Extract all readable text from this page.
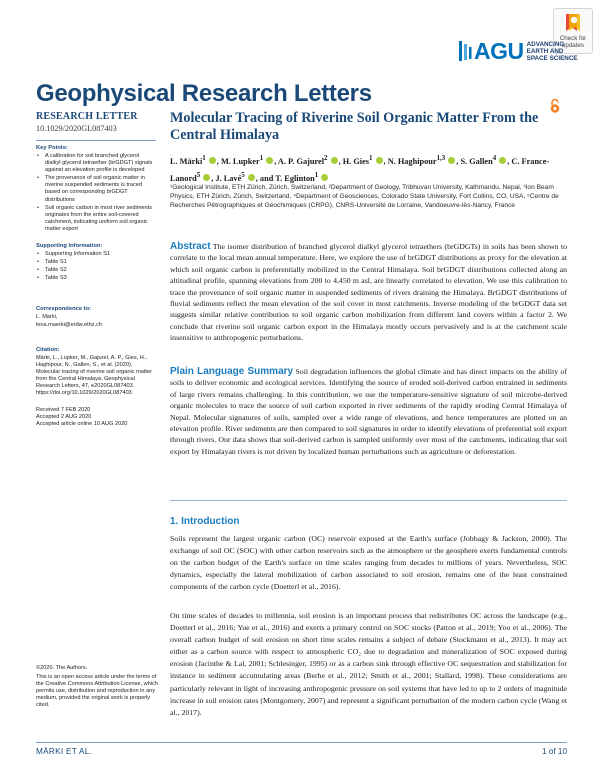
Check for
updates
AGU ADVANCING
EARTH AND
SPACE SCIENCE
Geophysical Research Letters
RESEARCH LETTER
10.1029/2020GL087403
Key Points:
• A calibration for soil branched glycerol dialkyl glycerol tetraether (brGDGT) signals against an elevation profile is developed
• The provenance of soil organic matter in riverine suspended sediments is traced based on corresponding brGDGT distributions
• Soil organic carbon in most river sediments originates from the entire soil-covered catchment, indicating uniform soil organic matter export
Supporting Information:
• Supporting Information S1
• Table S1
• Table S2
• Table S3
Correspondence to:
L. Märki,
lena.maerki@erdw.ethz.ch
Citation:
Märki, L., Lupker, M., Gajurel, A. P., Gies, H., Haghipour, N., Gallen, S., et al. (2020). Molecular tracing of riverine soil organic matter from the Central Himalaya. Geophysical Research Letters, 47, e2020GL087403. https://doi.org/10.1029/2020GL087403
Received 7 FEB 2020
Accepted 2 AUG 2020
Accepted article online 10 AUG 2020
Molecular Tracing of Riverine Soil Organic Matter From the Central Himalaya
L. Märki$^1$ , M. Lupker$^1$ , A. P. Gajurel$^2$ , H. Gies$^1$ , N. Haghipour$^{1,3}$ , S. Gallen$^4$ , C. France-Lanord$^5$ , J. Lavé$^5$ , and T. Eglinton$^1$
¹Geological Institute, ETH Zürich, Zürich, Switzerland, ²Department of Geology, Tribhuvan University, Kathmandu, Nepal, ³Ion Beam Physics, ETH Zürich, Zürich, Switzerland, ⁴Department of Geosciences, Colorado State University, Fort Collins, CO, USA, ⁵Centre de Recherches Pétrographiques et Géochimiques (CRPG), CNRS-Université de Lorraine, Vandoeuvre-lès-Nancy, France
Abstract The isomer distribution of branched glycerol dialkyl glycerol tetraethers (brGDGTs) in soils has been shown to correlate to the local mean annual temperature. Here, we explore the use of brGDGT distributions as proxy for the elevation at which soil organic carbon is preferentially mobilized in the Central Himalaya. Soil brGDGT distributions collected along an altitudinal profile, spanning elevations from 200 to 4,450 m asl, are linearly correlated to elevation. We use this calibration to trace the provenance of soil organic matter in suspended sediments of rivers draining the Himalaya. BrGDGT distributions of fluvial sediments reflect the mean elevation of the soil cover in most catchments. Inverse modeling of the brGDGT data set suggests similar relative contribution to soil organic carbon mobilization from different land covers within a factor 2. We conclude that riverine soil organic carbon export in the Himalaya mostly occurs pervasively and is at the catchment scale insensitive to anthropogenic perturbations.
Plain Language Summary Soil degradation influences the global climate and has direct impacts on the ability of soils to deliver economic and ecological services. Identifying the source of eroded soil-derived carbon entrained in sediments of large rivers remains challenging. In this contribution, we use the temperature-sensitive signature of soil microbe-derived organic molecules to trace the source of soil carbon exported in river sediments of the rapidly eroding Central Himalaya of Nepal. Molecular signatures of soils, sampled over a wide range of elevations, and hence temperatures are plotted on an elevation profile. River sediments are then compared to soil signatures in order to identify elevations of preferential soil export through rivers. Our data shows that soil-derived carbon is sampled uniformly over most of the catchments, indicating that soil export by Himalayan rivers is not driven by localized human perturbations such as agriculture or deforestation.
1. Introduction
Soils represent the largest organic carbon (OC) reservoir exposed at the Earth's surface (Jobbagy & Jackson, 2000). The exchange of soil OC (SOC) with other carbon reservoirs such as the atmosphere or the geosphere exerts fundamental controls on the carbon budget of the Earth's surface on time scales ranging from decades to millions of years. Nevertheless, SOC dynamics, especially the lateral mobilization of carbon associated to soil erosion, remains one of the least constrained components of the carbon cycle (Doetterl et al., 2016).
On time scales of decades to millennia, soil erosion is an important process that redistributes OC across the landscape (e.g., Doetterl et al., 2016; Yue et al., 2016) and exerts a primary control on SOC stocks (Patton et al., 2019; Yoo et al., 2006). The overall carbon budget of soil erosion on short time scales remains a subject of debate (Stockmann et al., 2013). It may act either as a carbon source with respect to atmospheric CO₂ due to degradation and mineralization of SOC exposed during erosion (Jacinthe & Lal, 2001; Schlesinger, 1995) or as a carbon sink through effective OC sequestration and stabilization for instance in sediment accumulating areas (Berhe et al., 2012; Smith et al., 2001; Stallard, 1998). These considerations are particularly relevant in light of increasing anthropogenic pressure on soil systems that have led to up to 2 orders of magnitude increase in soil erosion rates (Montgomery, 2007) and represent a significant perturbation of the modern carbon cycle (Wang et al., 2017).
©2020. The Authors.
This is an open access article under the terms of the Creative Commons Attribution License, which permits use, distribution and reproduction in any medium, provided the original work is properly cited.
MÄRKI ET AL.	1 of 10
